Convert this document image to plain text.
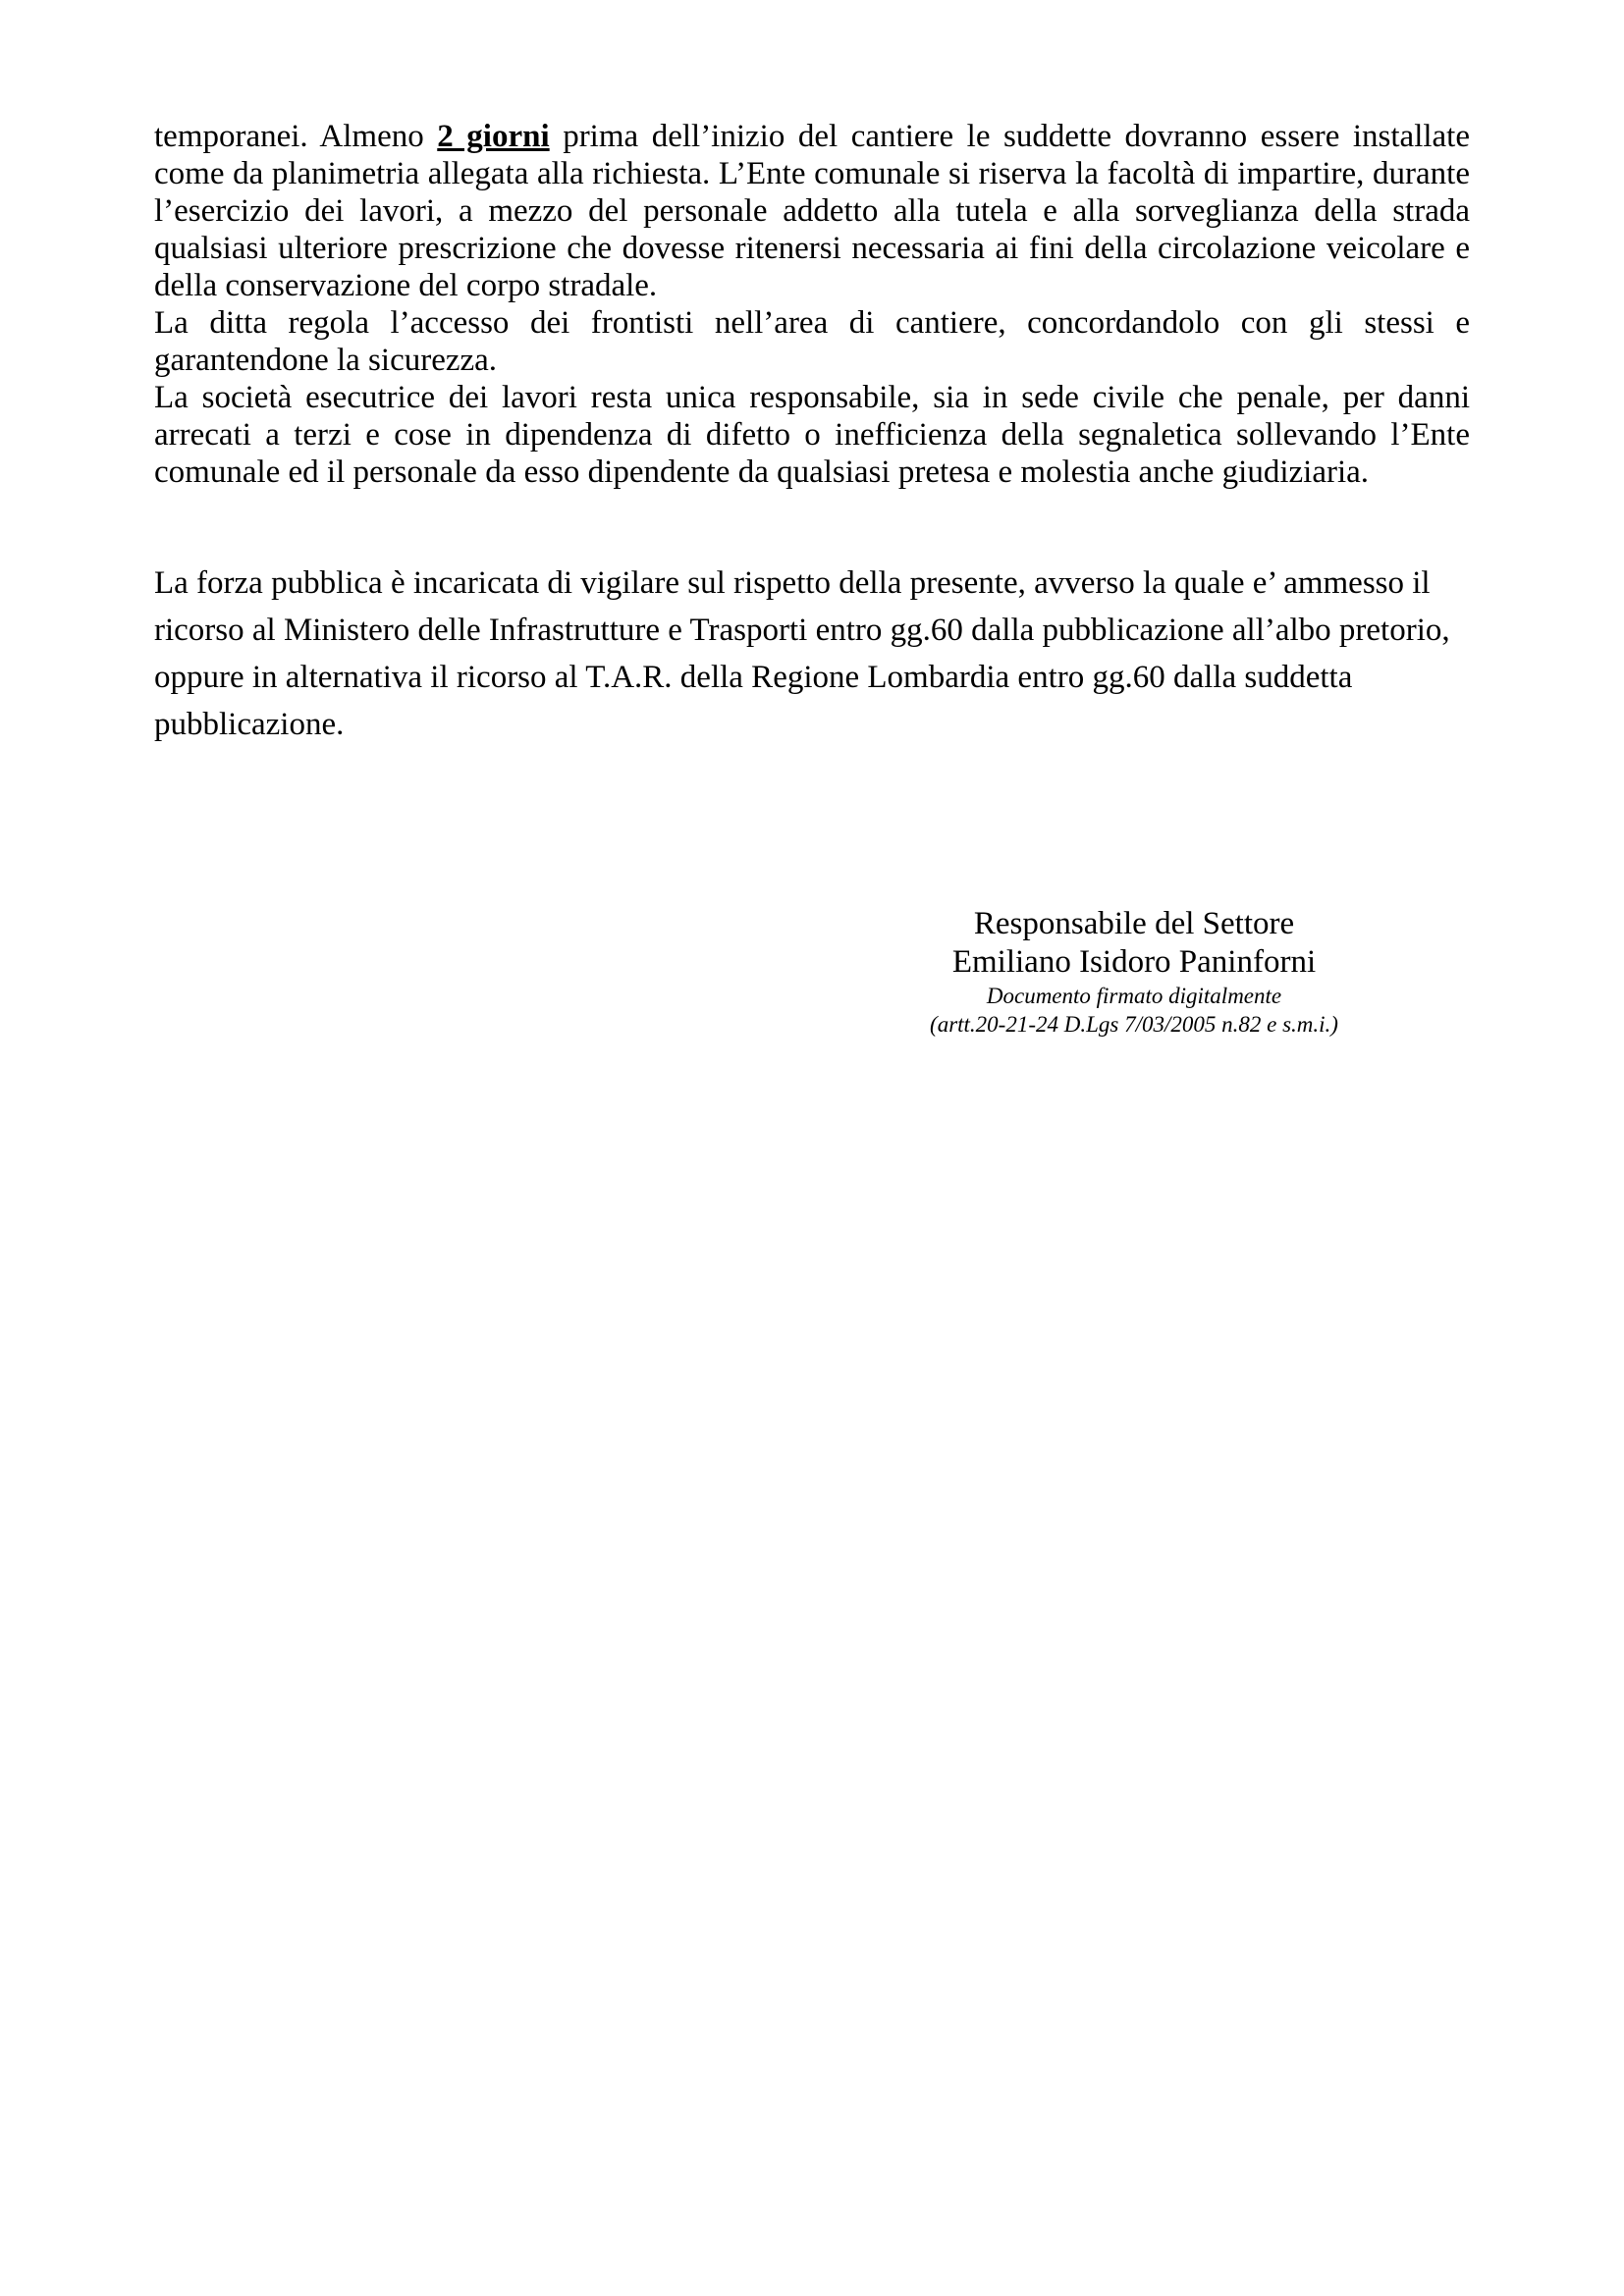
temporanei. Almeno 2 giorni prima dell’inizio del cantiere le suddette dovranno essere installate come da planimetria allegata alla richiesta. L’Ente comunale si riserva la facoltà di impartire, durante l’esercizio dei lavori, a mezzo del personale addetto alla tutela e alla sorveglianza della strada qualsiasi ulteriore prescrizione che dovesse ritenersi necessaria ai fini della circolazione veicolare e della conservazione del corpo stradale.

La ditta regola l’accesso dei frontisti nell’area di cantiere, concordandolo con gli stessi e garantendone la sicurezza.

La società esecutrice dei lavori resta unica responsabile, sia in sede civile che penale, per danni arrecati a terzi e cose in dipendenza di difetto o inefficienza della segnaletica sollevando l’Ente comunale ed il personale da esso dipendente da qualsiasi pretesa e molestia anche giudiziaria.

La forza pubblica è incaricata di vigilare sul rispetto della presente, avverso la quale e’ ammesso il ricorso al Ministero delle Infrastrutture e Trasporti entro gg.60 dalla pubblicazione all’albo pretorio, oppure in alternativa il ricorso al T.A.R. della Regione Lombardia entro gg.60 dalla suddetta pubblicazione.

Responsabile del Settore
Emiliano Isidoro Paninforni
Documento firmato digitalmente
(artt.20-21-24 D.Lgs 7/03/2005 n.82 e s.m.i.)
